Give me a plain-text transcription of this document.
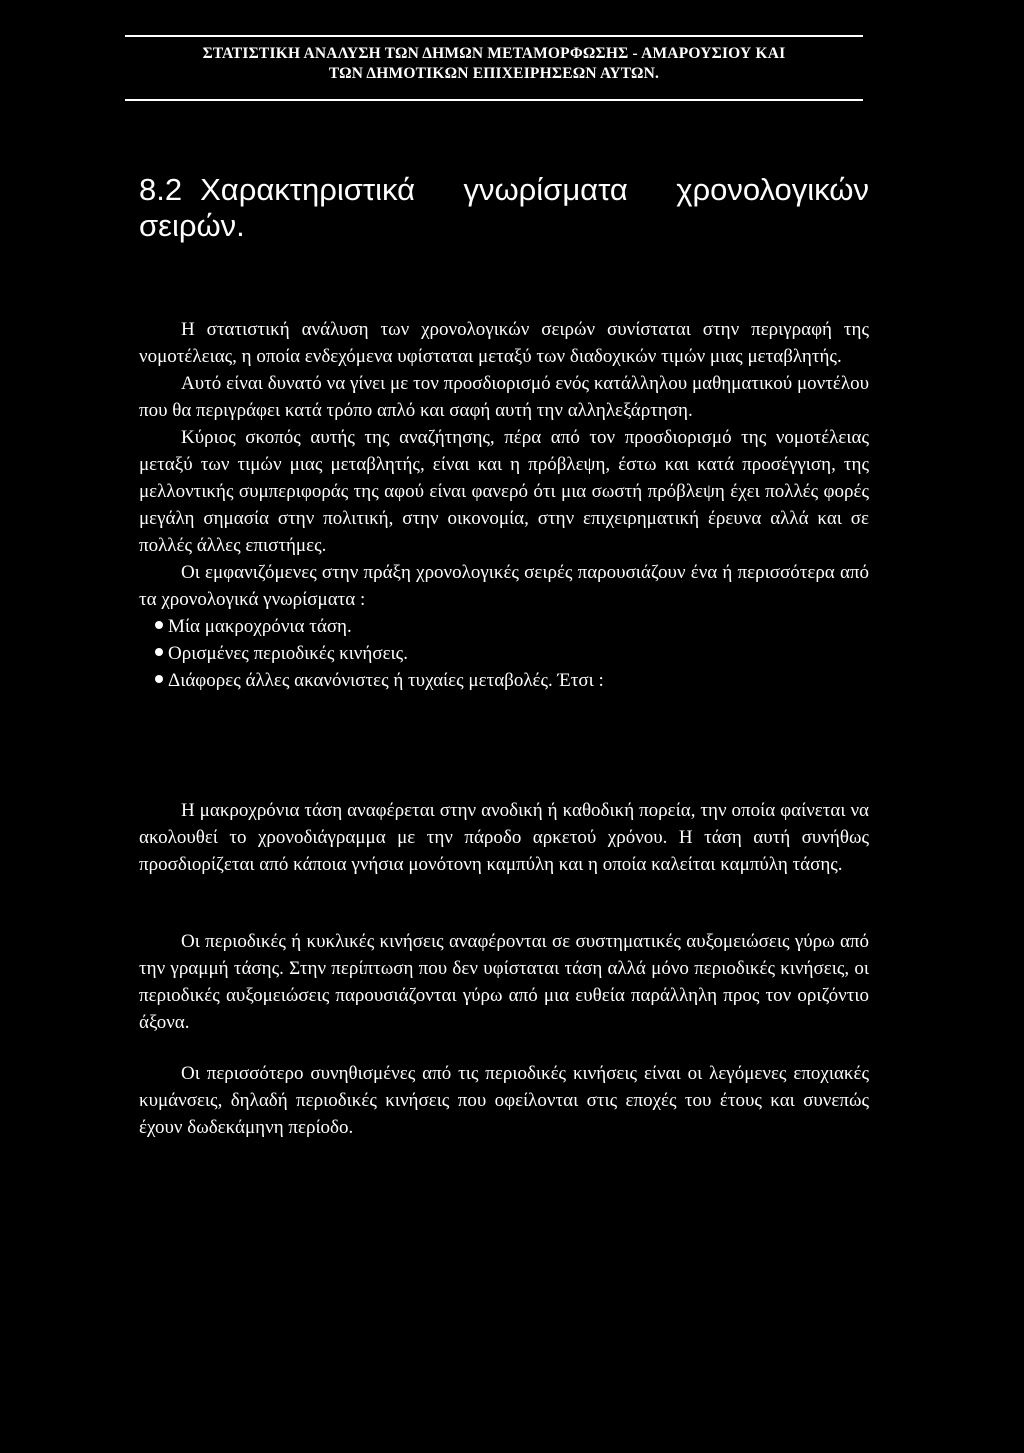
ΣΤΑΤΙΣΤΙΚΗ ΑΝΑΛΥΣΗ ΤΩΝ ΔΗΜΩΝ ΜΕΤΑΜΟΡΦΩΣΗΣ - ΑΜΑΡΟΥΣΙΟΥ ΚΑΙ
ΤΩΝ ΔΗΜΟΤΙΚΩΝ ΕΠΙΧΕΙΡΗΣΕΩΝ ΑΥΤΩΝ.
8.2 Χαρακτηριστικά γνωρίσματα χρονολογικών σειρών.

Η στατιστική ανάλυση των χρονολογικών σειρών συνίσταται στην περιγραφή της νομοτέλειας, η οποία ενδεχόμενα υφίσταται μεταξύ των διαδοχικών τιμών μιας μεταβλητής.

Αυτό είναι δυνατό να γίνει με τον προσδιορισμό ενός κατάλληλου μαθηματικού μοντέλου που θα περιγράφει κατά τρόπο απλό και σαφή αυτή την αλληλεξάρτηση.

Κύριος σκοπός αυτής της αναζήτησης, πέρα από τον προσδιορισμό της νομοτέλειας μεταξύ των τιμών μιας μεταβλητής, είναι και η πρόβλεψη, έστω και κατά προσέγγιση, της μελλοντικής συμπεριφοράς της αφού είναι φανερό ότι μια σωστή πρόβλεψη έχει πολλές φορές μεγάλη σημασία στην πολιτική, στην οικονομία, στην επιχειρηματική έρευνα αλλά και σε πολλές άλλες επιστήμες.

Οι εμφανιζόμενες στην πράξη χρονολογικές σειρές παρουσιάζουν ένα ή περισσότερα από τα χρονολογικά γνωρίσματα :

Μία μακροχρόνια τάση.
Ορισμένες περιοδικές κινήσεις.
Διάφορες άλλες ακανόνιστες ή τυχαίες μεταβολές. Έτσι :

Η μακροχρόνια τάση αναφέρεται στην ανοδική ή καθοδική πορεία, την οποία φαίνεται να ακολουθεί το χρονοδιάγραμμα με την πάροδο αρκετού χρόνου. Η τάση αυτή συνήθως προσδιορίζεται από κάποια γνήσια μονότονη καμπύλη και η οποία καλείται καμπύλη τάσης.

Οι περιοδικές ή κυκλικές κινήσεις αναφέρονται σε συστηματικές αυξομειώσεις γύρω από την γραμμή τάσης. Στην περίπτωση που δεν υφίσταται τάση αλλά μόνο περιοδικές κινήσεις, οι περιοδικές αυξομειώσεις παρουσιάζονται γύρω από μια ευθεία παράλληλη προς τον οριζόντιο άξονα.

Οι περισσότερο συνηθισμένες από τις περιοδικές κινήσεις είναι οι λεγόμενες εποχιακές κυμάνσεις, δηλαδή περιοδικές κινήσεις που οφείλονται στις εποχές του έτους και συνεπώς έχουν δωδεκάμηνη περίοδο.
